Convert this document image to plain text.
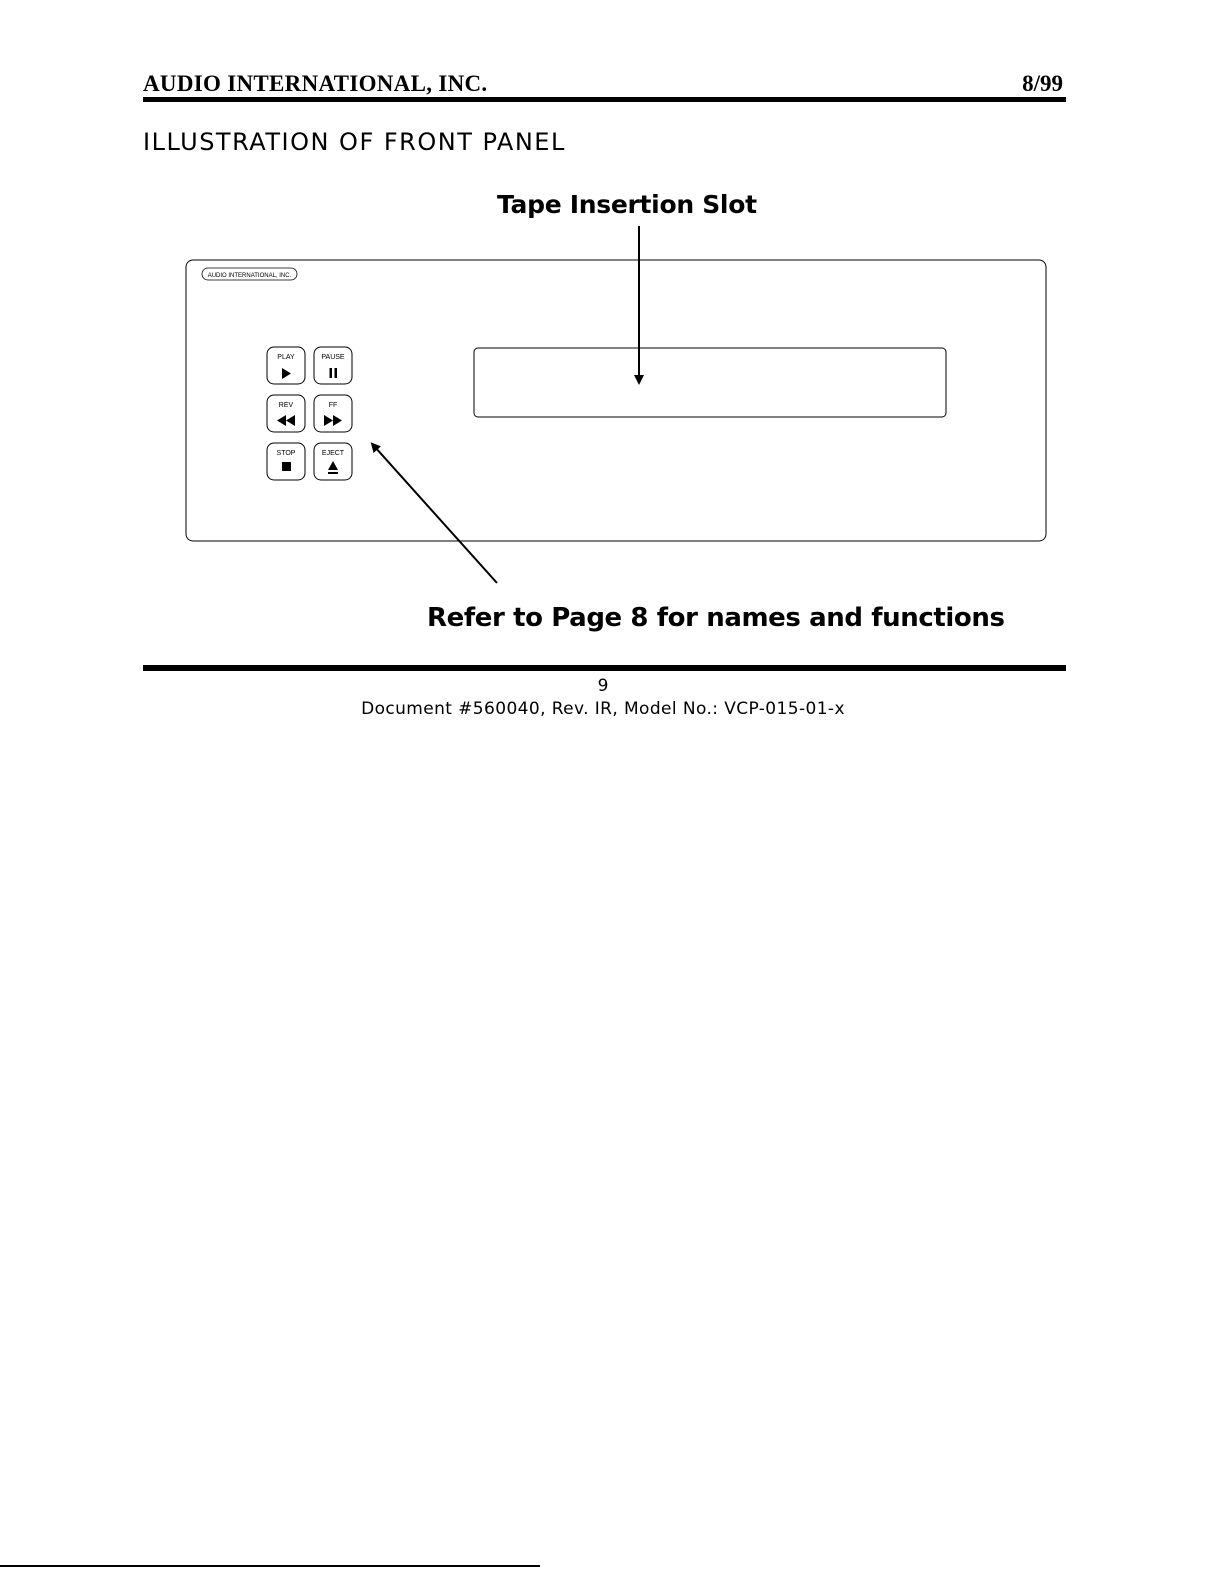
AUDIO INTERNATIONAL, INC.	8/99
ILLUSTRATION OF FRONT PANEL
Tape Insertion Slot
AUDIO INTERNATIONAL, INC.
PLAY	PAUSE
REV	FF
STOP	EJECT
Refer to Page 8 for names and functions
9
Document #560040, Rev. IR, Model No.: VCP-015-01-x
